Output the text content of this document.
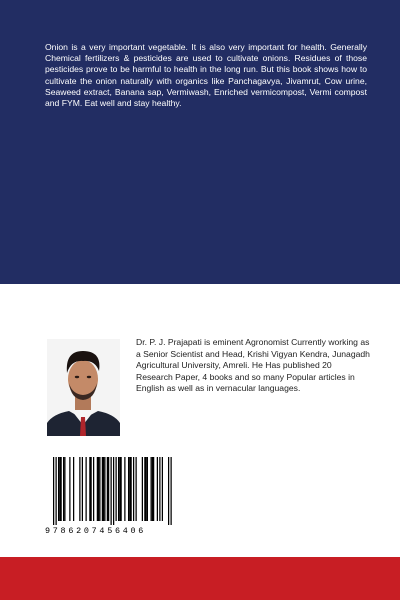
Onion is a very important vegetable. It is also very important for health. Generally Chemical fertilizers & pesticides are used to cultivate onions. Residues of those pesticides prove to be harmful to health in the long run. But this book shows how to cultivate the onion naturally with organics like Panchagavya, Jivamrut, Cow urine, Seaweed extract, Banana sap, Vermiwash, Enriched vermicompost, Vermi compost and FYM. Eat well and stay healthy.

Dr. P. J. Prajapati is eminent Agronomist Currently working as a Senior Scientist and Head, Krishi Vigyan Kendra, Junagadh Agricultural University, Amreli. He Has published 20 Research Paper, 4 books and so many Popular articles in English as well as in vernacular languages.

9786207456406
